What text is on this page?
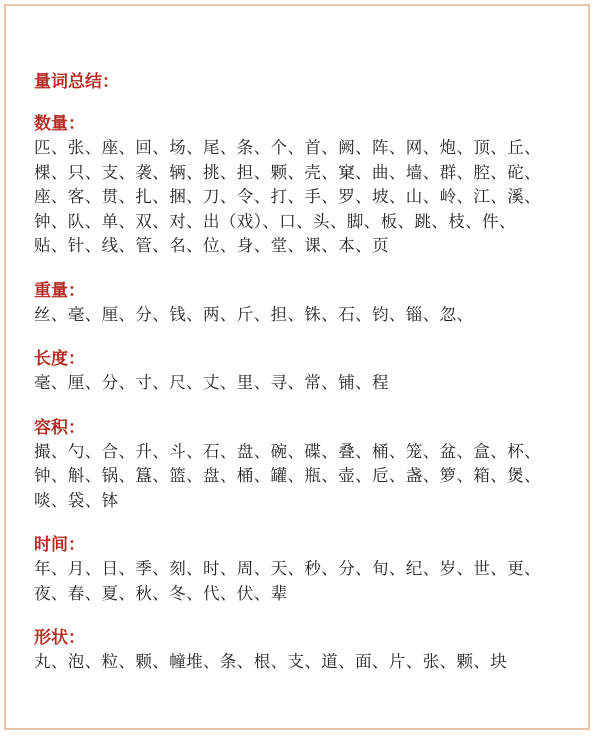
量词总结：
数量：
匹、张、座、回、场、尾、条、个、首、阙、阵、网、炮、顶、丘、
棵、只、支、袭、辆、挑、担、颗、壳、窠、曲、墙、群、腔、砣、
座、客、贯、扎、捆、刀、令、打、手、罗、坡、山、岭、江、溪、
钟、队、单、双、对、出（戏）、口、头、脚、板、跳、枝、件、
贴、针、线、管、名、位、身、堂、课、本、页
重量：
丝、毫、厘、分、钱、两、斤、担、铢、石、钧、锱、忽、
长度：
毫、厘、分、寸、尺、丈、里、寻、常、铺、程
容积：
撮、勺、合、升、斗、石、盘、碗、碟、叠、桶、笼、盆、盒、杯、
钟、斛、锅、簋、篮、盘、桶、罐、瓶、壶、卮、盏、箩、箱、煲、
啖、袋、钵
时间：
年、月、日、季、刻、时、周、天、秒、分、旬、纪、岁、世、更、
夜、春、夏、秋、冬、代、伏、辈
形状：
丸、泡、粒、颗、幢堆、条、根、支、道、面、片、张、颗、块
